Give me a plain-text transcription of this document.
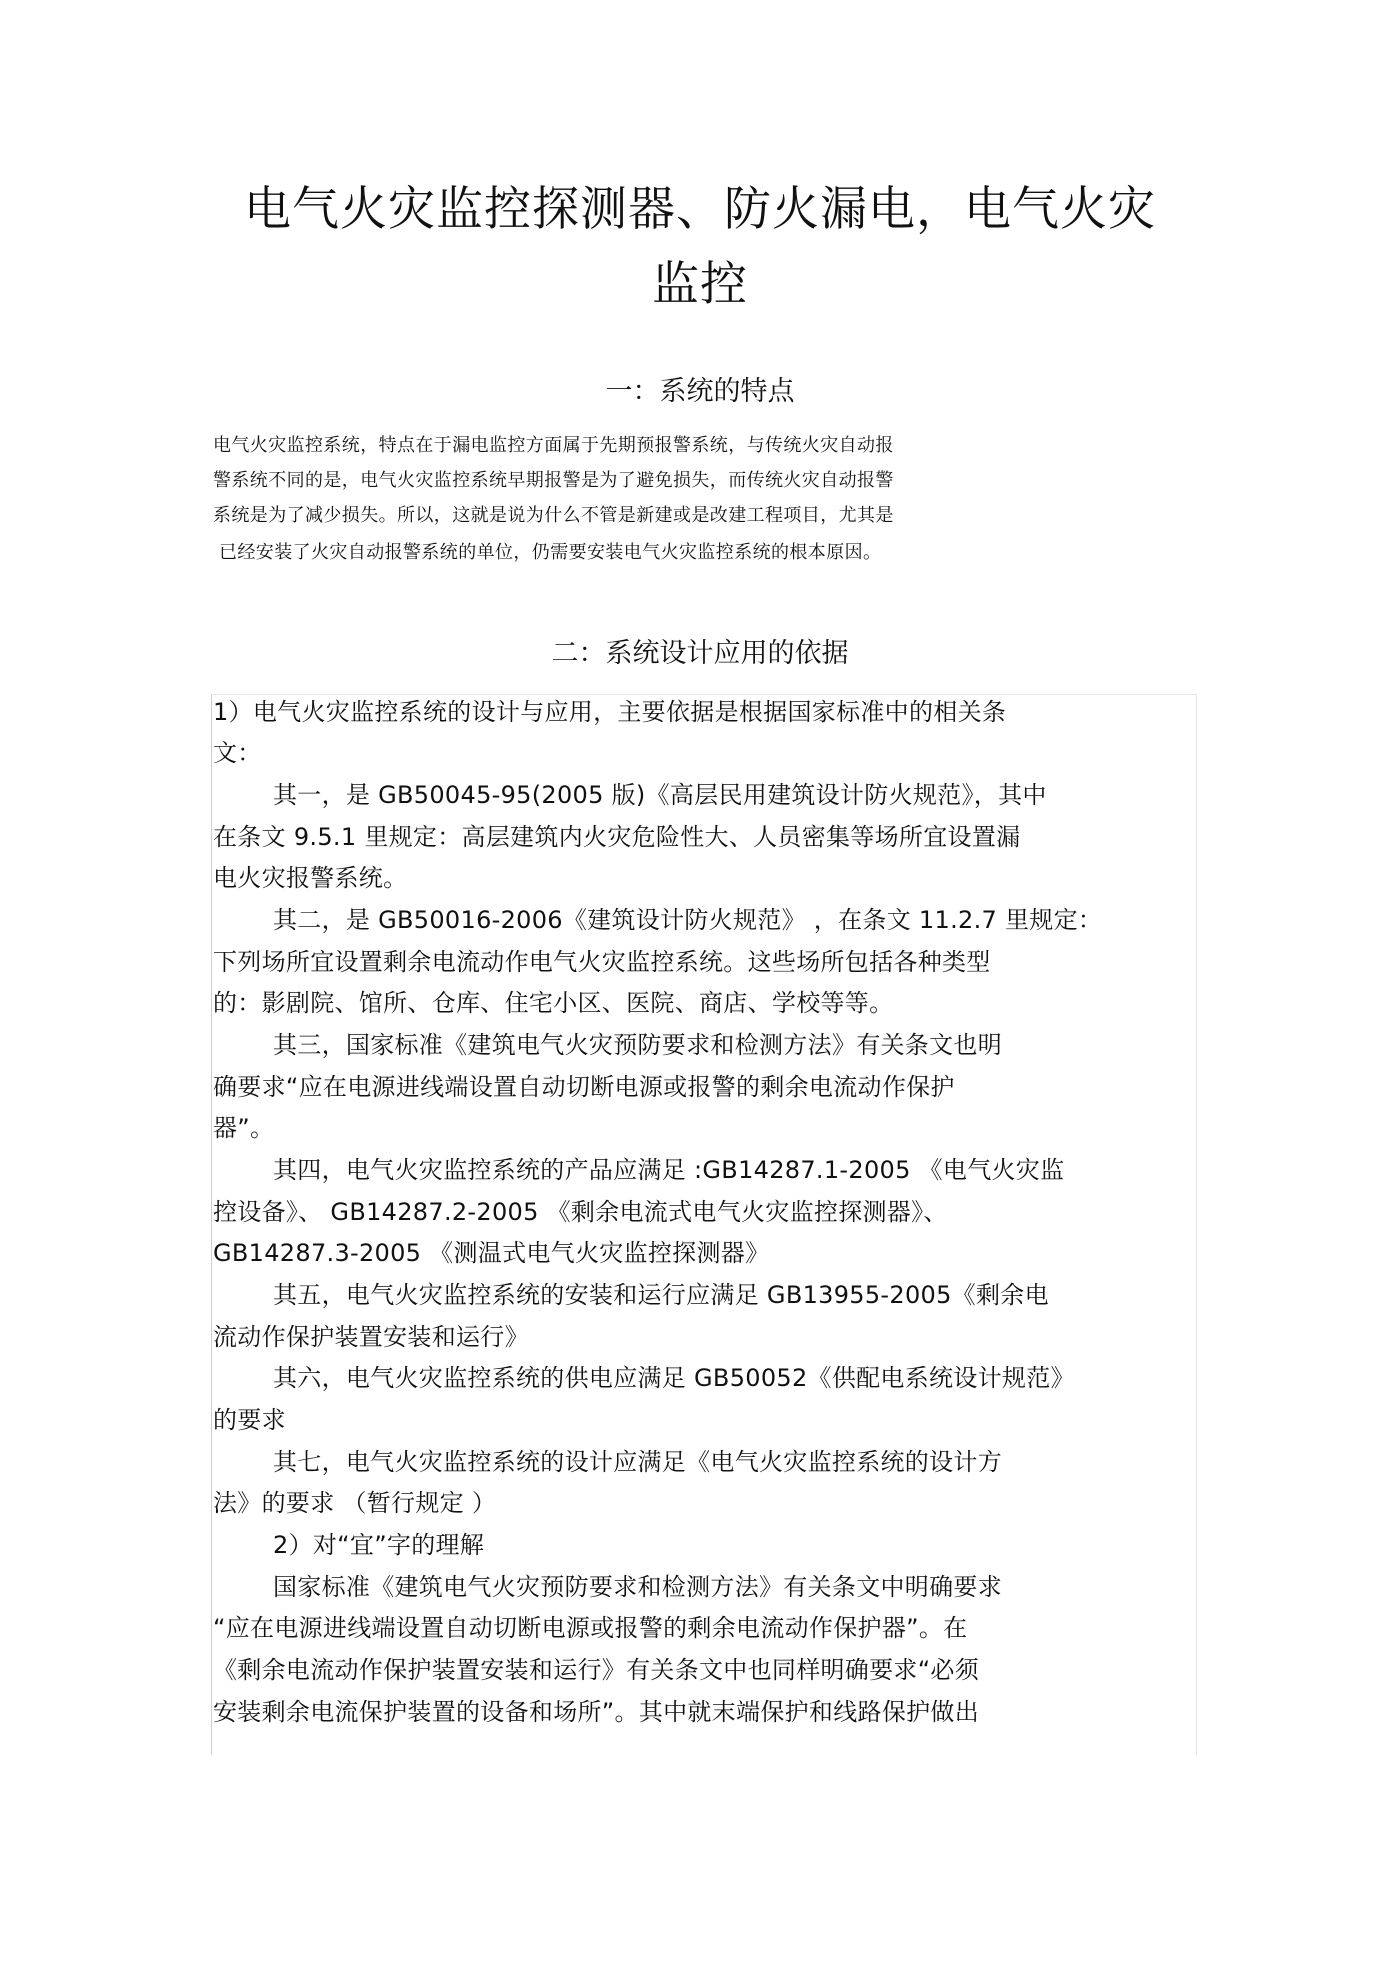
电气火灾监控探测器、防火漏电，电气火灾
监控
一：系统的特点
电气火灾监控系统，特点在于漏电监控方面属于先期预报警系统，与传统火灾自动报
警系统不同的是，电气火灾监控系统早期报警是为了避免损失，而传统火灾自动报警
系统是为了减少损失。所以，这就是说为什么不管是新建或是改建工程项目，尤其是
已经安装了火灾自动报警系统的单位，仍需要安装电气火灾监控系统的根本原因。
二：系统设计应用的依据
1）电气火灾监控系统的设计与应用，主要依据是根据国家标准中的相关条
文：
其一，是 GB50045-95(2005 版)《高层民用建筑设计防火规范》，其中
在条文 9.5.1 里规定：高层建筑内火灾危险性大、人员密集等场所宜设置漏
电火灾报警系统。
其二，是 GB50016-2006《建筑设计防火规范》 ，在条文 11.2.7 里规定：
下列场所宜设置剩余电流动作电气火灾监控系统。这些场所包括各种类型
的：影剧院、馆所、仓库、住宅小区、医院、商店、学校等等。
其三，国家标准《建筑电气火灾预防要求和检测方法》有关条文也明
确要求“应在电源进线端设置自动切断电源或报警的剩余电流动作保护
器”。
其四，电气火灾监控系统的产品应满足 :GB14287.1-2005 《电气火灾监
控设备》、 GB14287.2-2005 《剩余电流式电气火灾监控探测器》、
GB14287.3-2005 《测温式电气火灾监控探测器》
其五，电气火灾监控系统的安装和运行应满足 GB13955-2005《剩余电
流动作保护装置安装和运行》
其六，电气火灾监控系统的供电应满足 GB50052《供配电系统设计规范》
的要求
其七，电气火灾监控系统的设计应满足《电气火灾监控系统的设计方
法》的要求 （暂行规定 ）
2）对“宜”字的理解
国家标准《建筑电气火灾预防要求和检测方法》有关条文中明确要求
“应在电源进线端设置自动切断电源或报警的剩余电流动作保护器”。在
《剩余电流动作保护装置安装和运行》有关条文中也同样明确要求“必须
安装剩余电流保护装置的设备和场所”。其中就末端保护和线路保护做出
